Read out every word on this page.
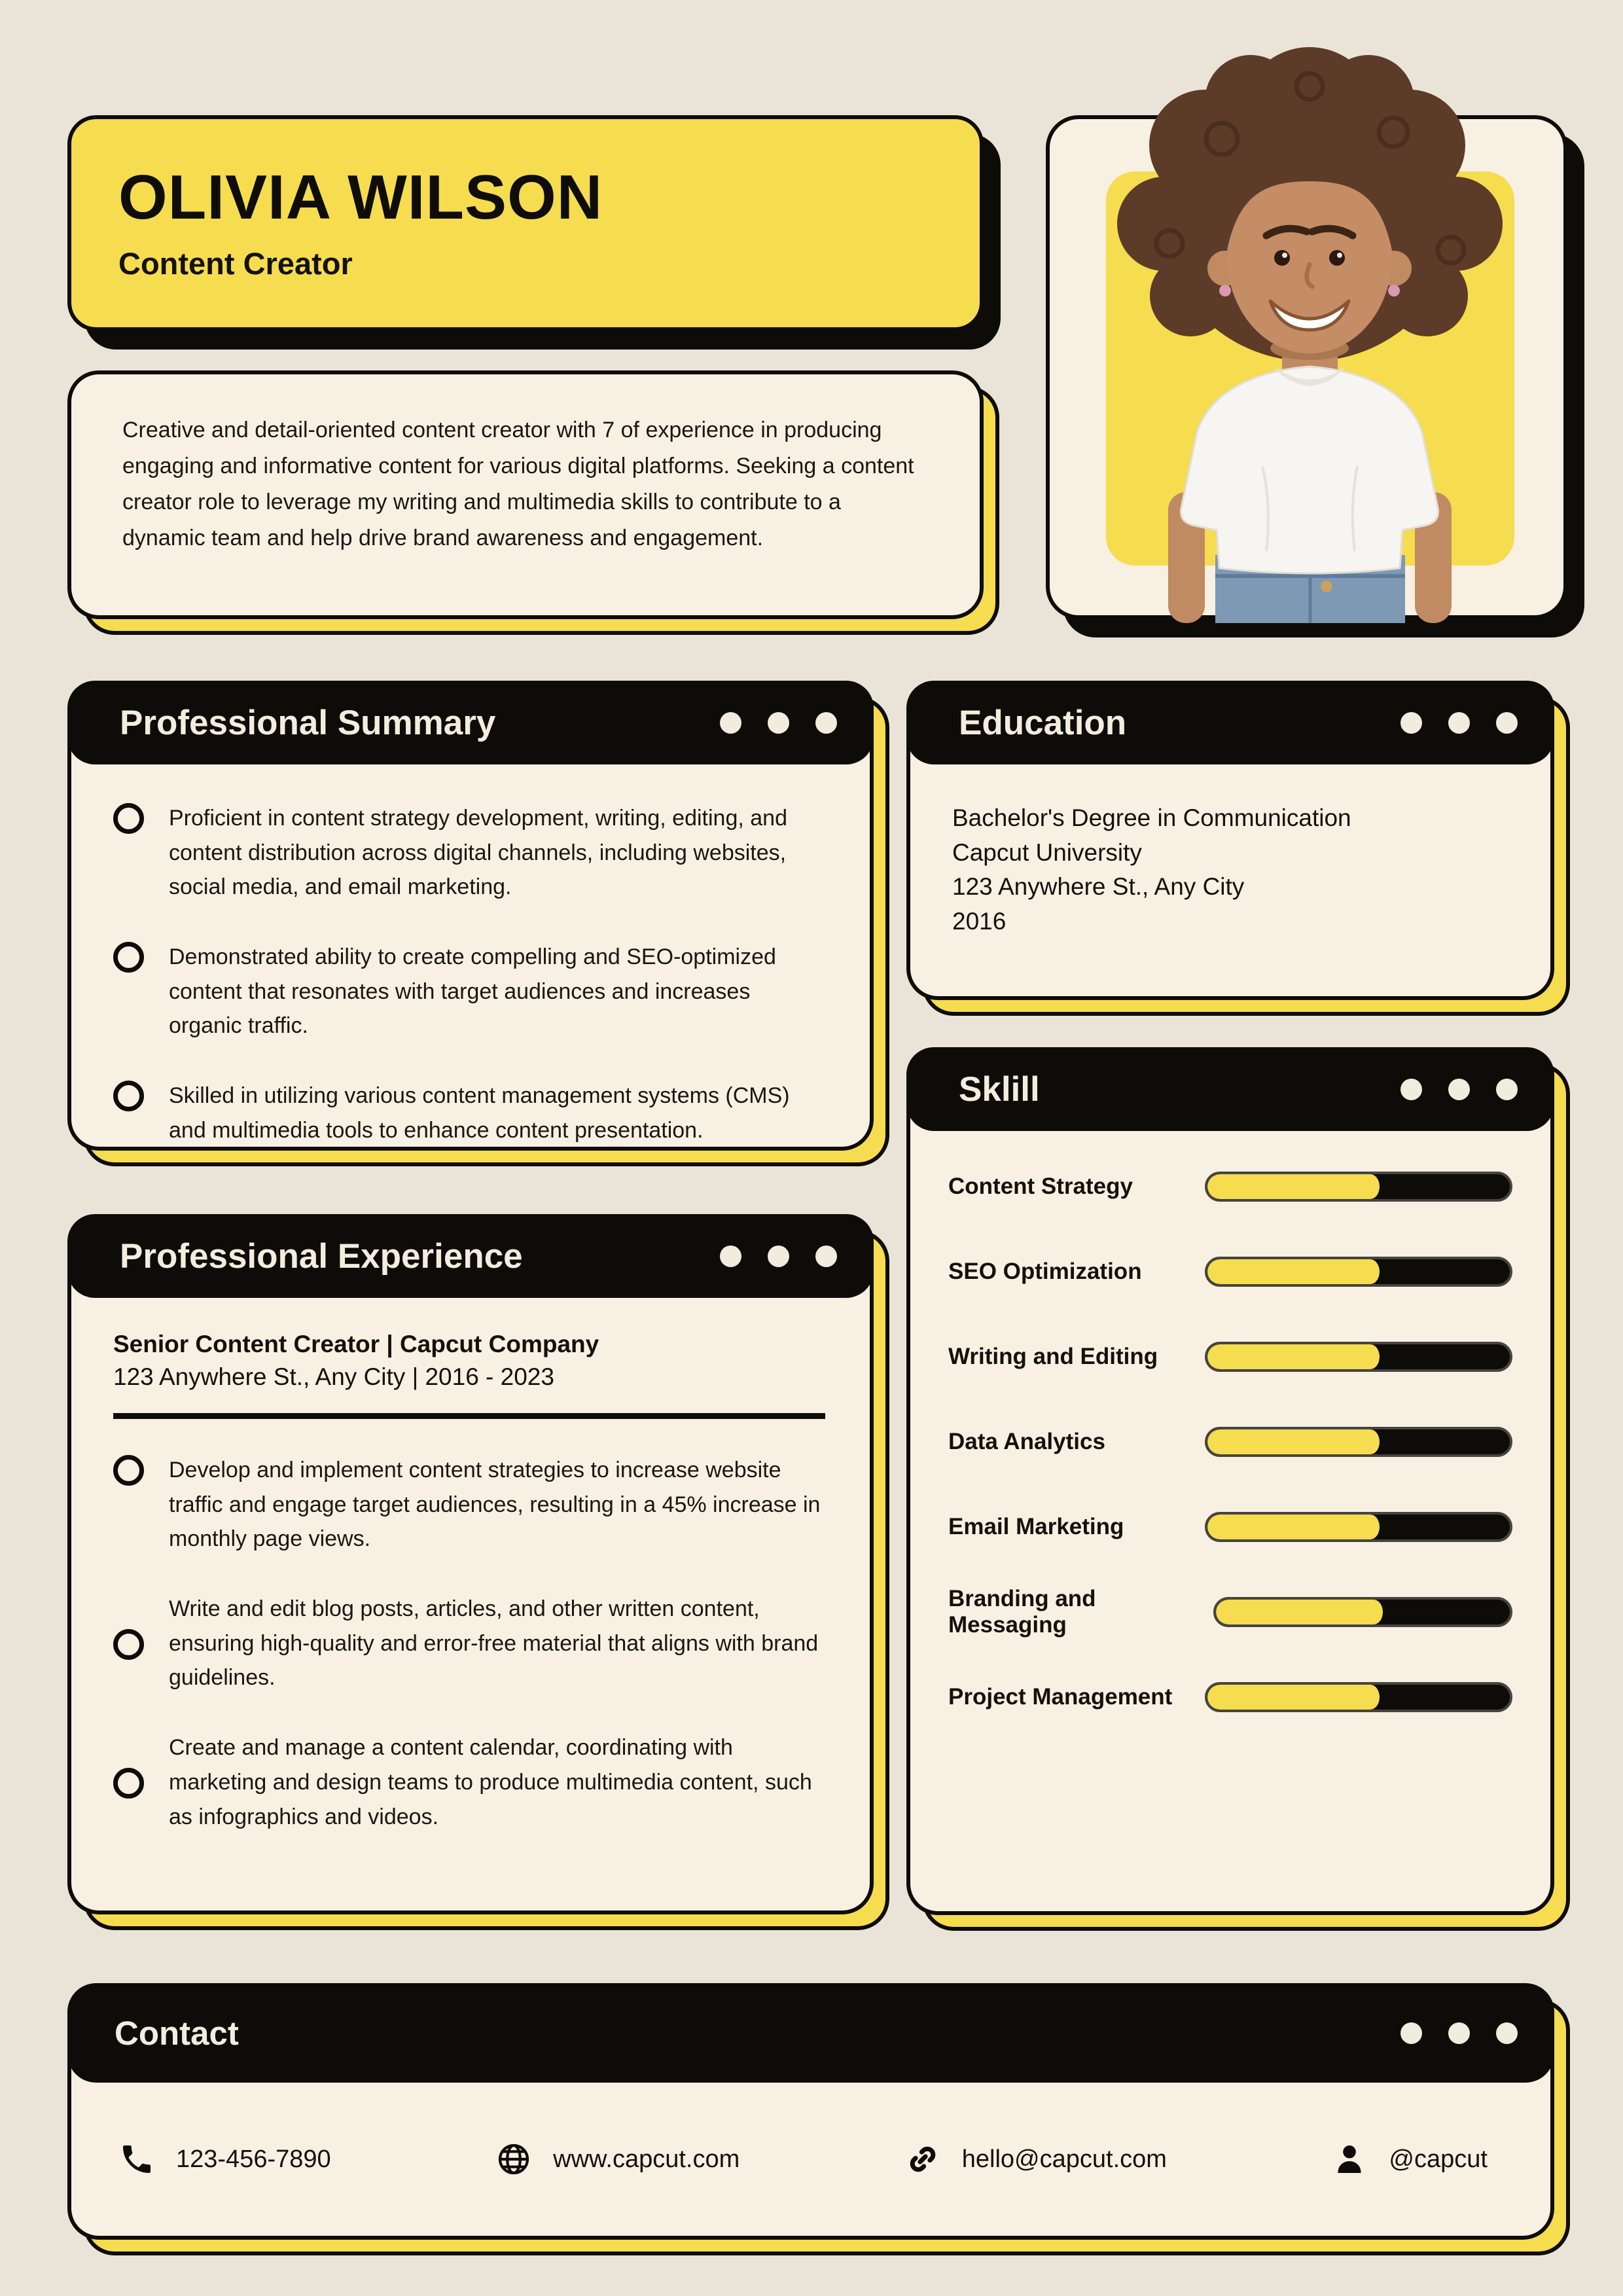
OLIVIA WILSON
Content Creator
Creative and detail-oriented content creator with 7 of experience in producing engaging and informative content for various digital platforms. Seeking a content creator role to leverage my writing and multimedia skills to contribute to a dynamic team and help drive brand awareness and engagement.
Professional Summary
Proficient in content strategy development, writing, editing, and content distribution across digital channels, including websites, social media, and email marketing.
Demonstrated ability to create compelling and SEO-optimized content that resonates with target audiences and increases organic traffic.
Skilled in utilizing various content management systems (CMS) and multimedia tools to enhance content presentation.
Education
Bachelor's Degree in Communication
Capcut University
123 Anywhere St., Any City
2016
Sklill
Content Strategy
SEO Optimization
Writing and Editing
Data Analytics
Email Marketing
Branding and Messaging
Project Management
Professional Experience
Senior Content Creator | Capcut Company
123 Anywhere St., Any City | 2016 - 2023
Develop and implement content strategies to increase website traffic and engage target audiences, resulting in a 45% increase in monthly page views.
Write and edit blog posts, articles, and other written content, ensuring high-quality and error-free material that aligns with brand guidelines.
Create and manage a content calendar, coordinating with marketing and design teams to produce multimedia content, such as infographics and videos.
Contact
123-456-7890	www.capcut.com	hello@capcut.com	@capcut
